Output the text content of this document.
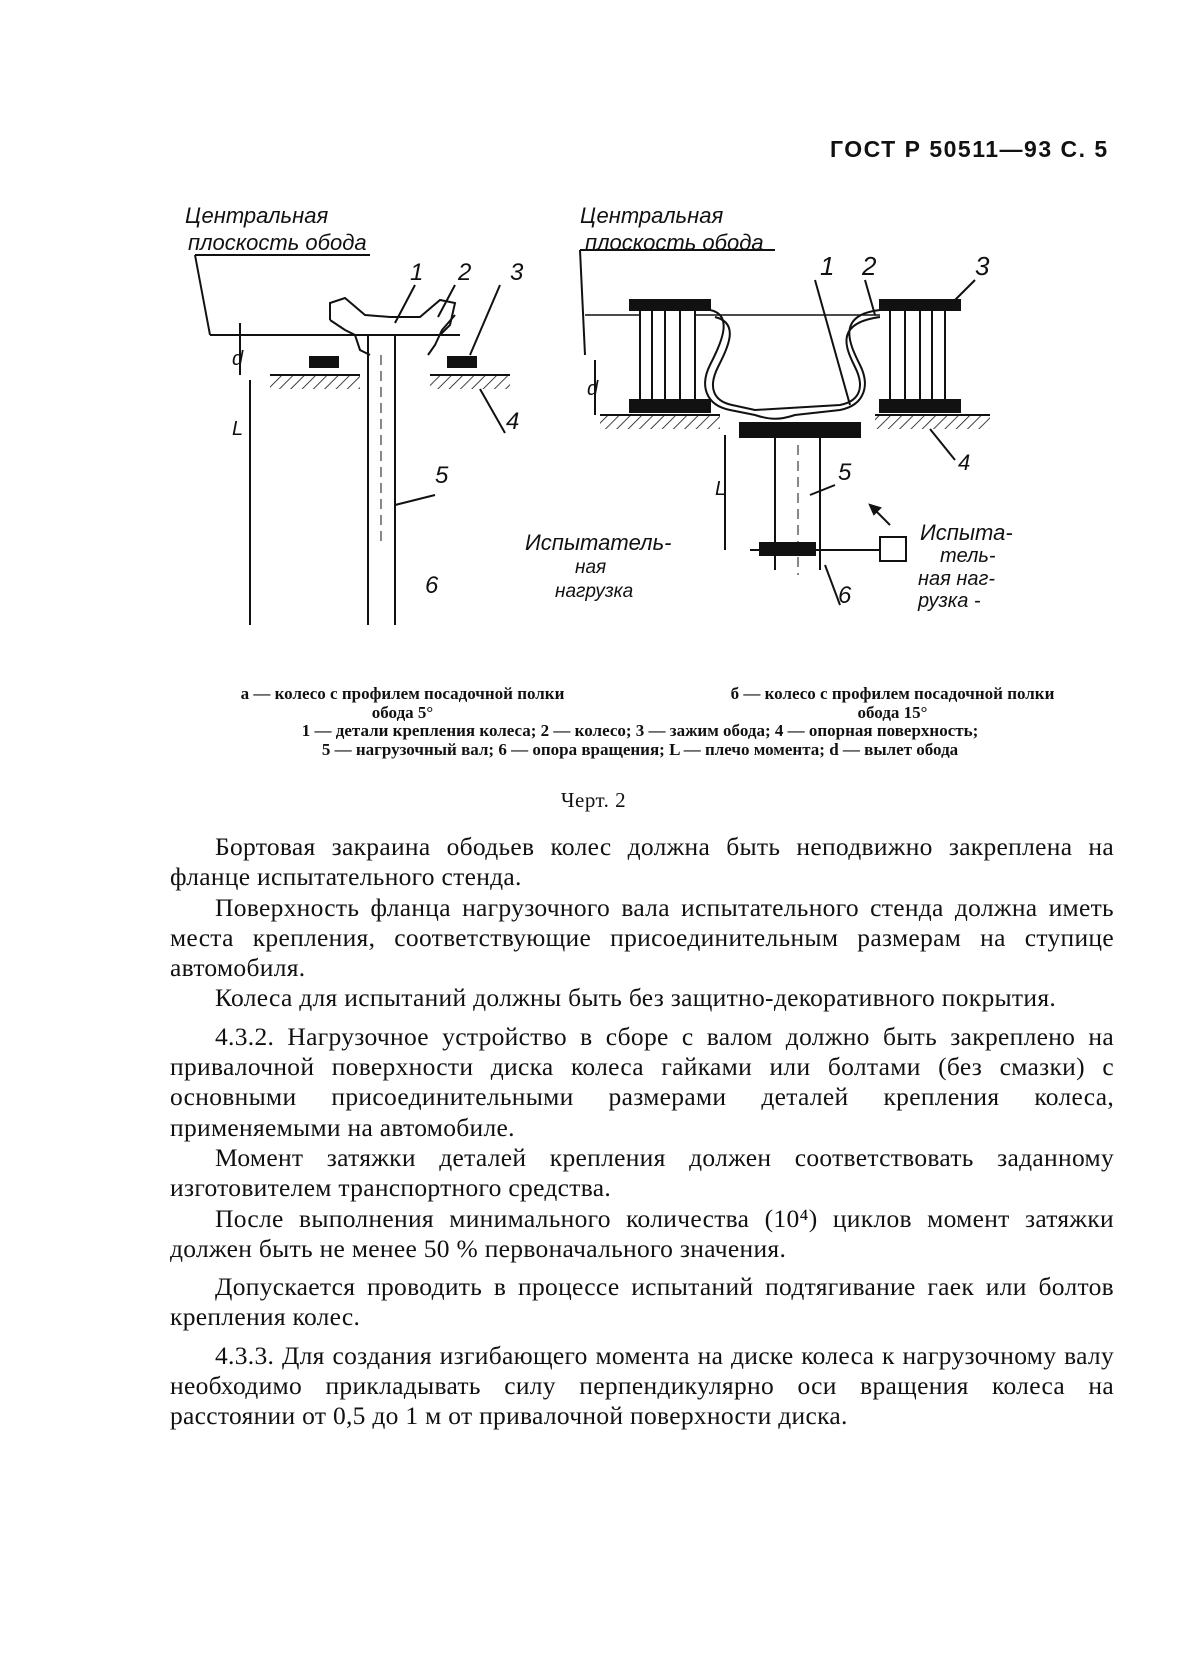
ГОСТ Р 50511—93 С. 5
Центральная
плоскость обода
1 2 3
4
5
6
d
L
Испытатель-
ная
нагрузка
Центральная
плоскость обода
1 2	3
4
5
6
d
L
Испыта-
тель-
ная наг-
рузка -
а — колесо с профилем посадочной полки
обода 5°
б — колесо с профилем посадочной полки
обода 15°
1 — детали крепления колеса; 2 — колесо; 3 — зажим обода; 4 — опорная поверхность;
5 — нагрузочный вал; 6 — опора вращения; L — плечо момента; d — вылет обода
Черт. 2

Бортовая закраина ободьев колес должна быть неподвижно закреплена на фланце испытательного стенда.

Поверхность фланца нагрузочного вала испытательного стенда должна иметь места крепления, соответствующие присоединительным размерам на ступице автомобиля.

Колеса для испытаний должны быть без защитно-декоративного покрытия.

4.3.2. Нагрузочное устройство в сборе с валом должно быть закреплено на привалочной поверхности диска колеса гайками или болтами (без смазки) с основными присоединительными размерами деталей крепления колеса, применяемыми на автомобиле.

Момент затяжки деталей крепления должен соответствовать заданному изготовителем транспортного средства.

После выполнения минимального количества (10⁴) циклов момент затяжки должен быть не менее 50 % первоначального значения.

Допускается проводить в процессе испытаний подтягивание гаек или болтов крепления колес.

4.3.3. Для создания изгибающего момента на диске колеса к нагрузочному валу необходимо прикладывать силу перпендикулярно оси вращения колеса на расстоянии от 0,5 до 1 м от привалочной поверхности диска.
